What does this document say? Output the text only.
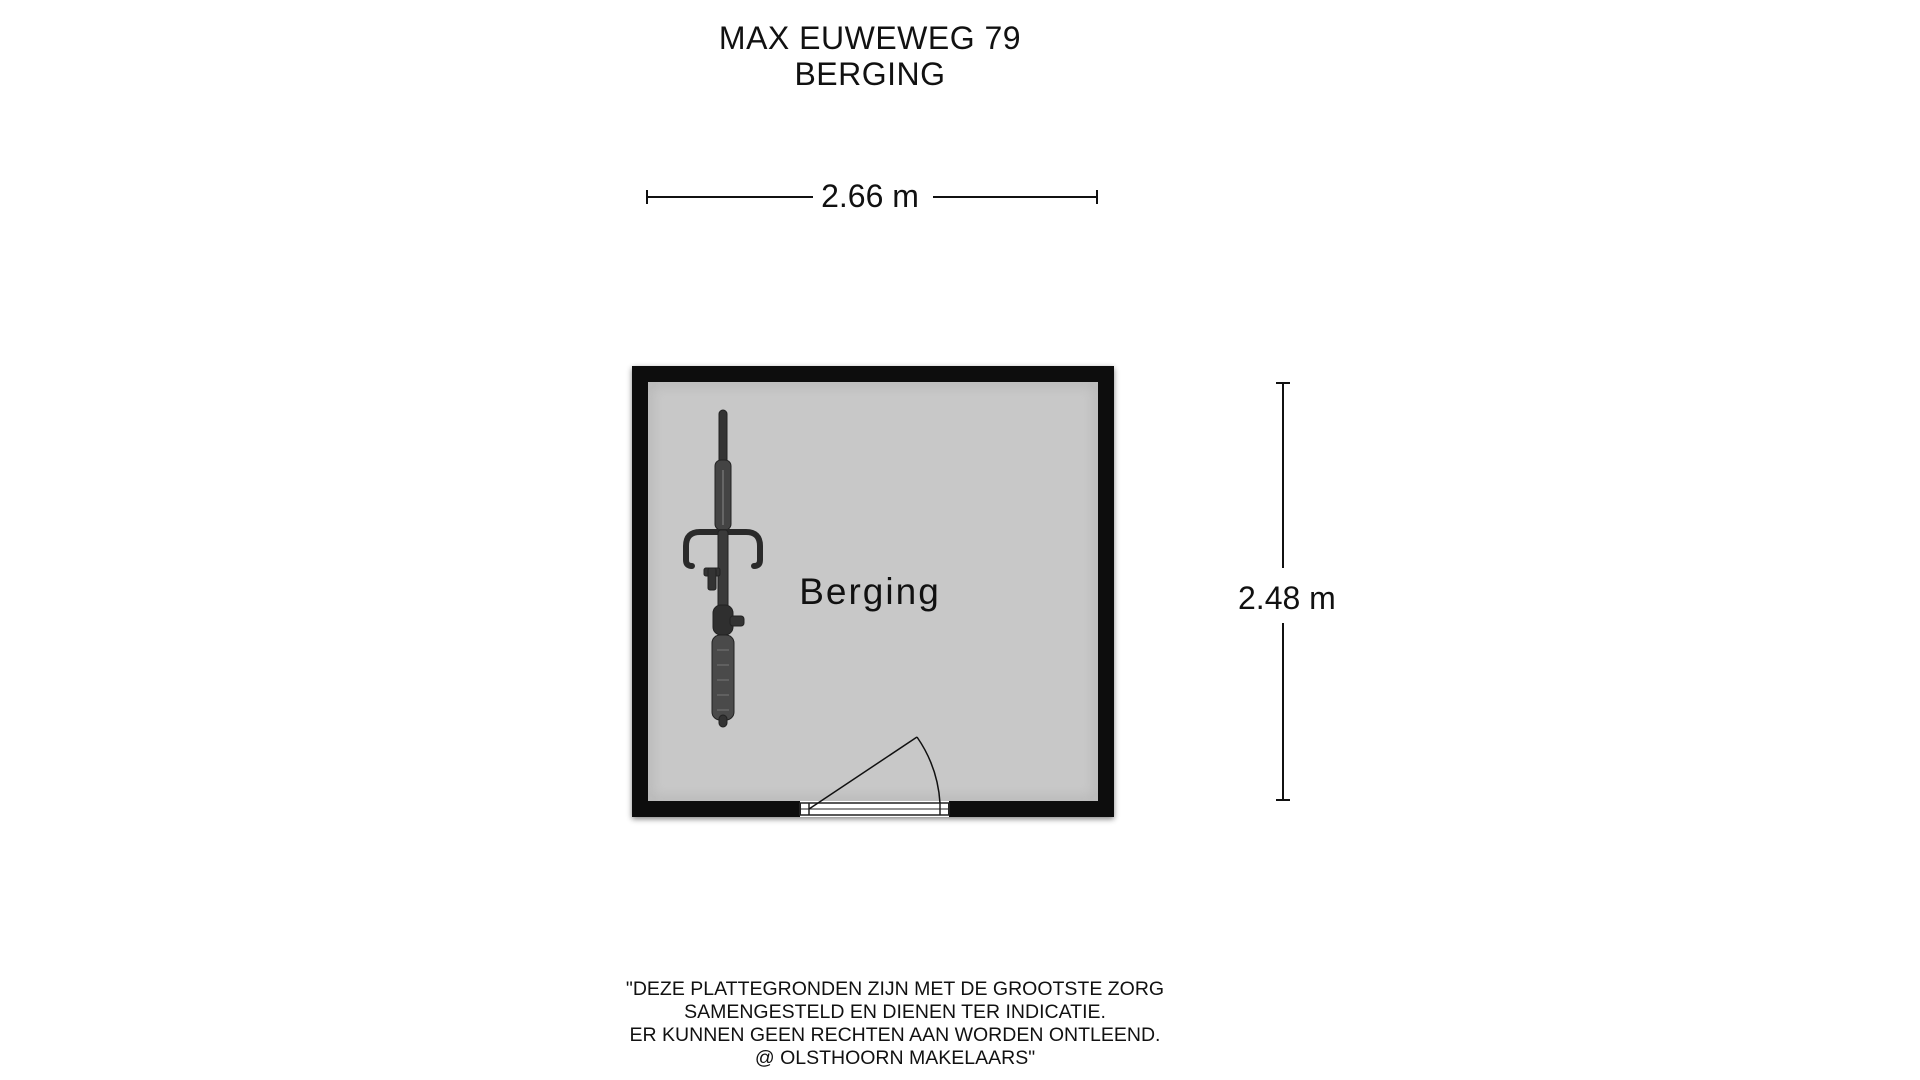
MAX EUWEWEG 79
BERGING
2.66 m
2.48 m
Berging
"DEZE PLATTEGRONDEN ZIJN MET DE GROOTSTE ZORG
SAMENGESTELD EN DIENEN TER INDICATIE.
ER KUNNEN GEEN RECHTEN AAN WORDEN ONTLEEND.
@ OLSTHOORN MAKELAARS"
